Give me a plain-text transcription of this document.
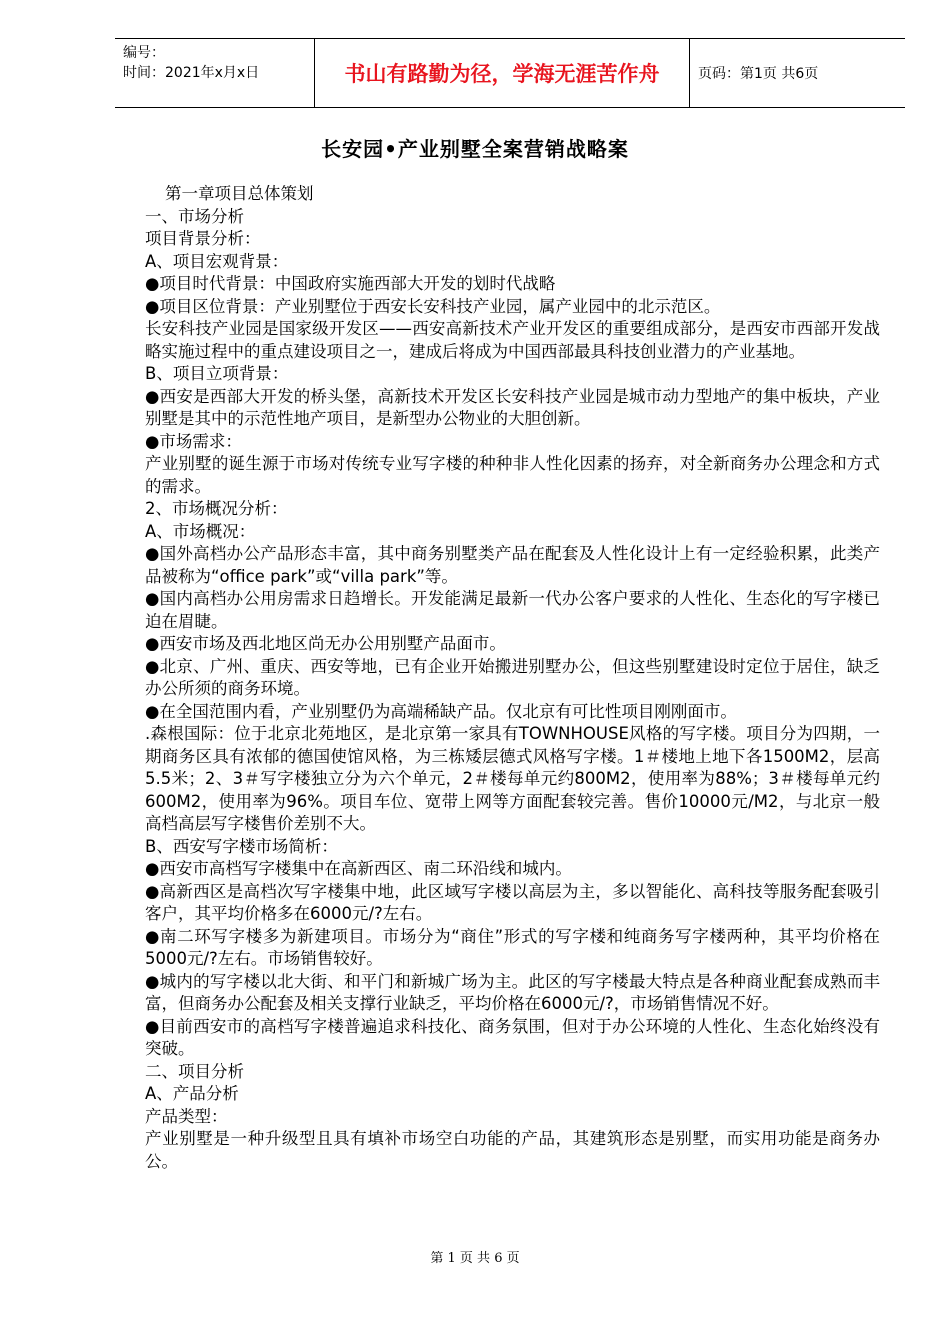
编号：
时间：2021年x月x日	书山有路勤为径，学海无涯苦作舟	页码：第1页 共6页
长安园•产业别墅全案营销战略案

第一章项目总体策划

一、市场分析

项目背景分析：

A、项目宏观背景：

●项目时代背景：中国政府实施西部大开发的划时代战略

●项目区位背景：产业别墅位于西安长安科技产业园，属产业园中的北示范区。

长安科技产业园是国家级开发区——西安高新技术产业开发区的重要组成部分，是西安市西部开发战略实施过程中的重点建设项目之一，建成后将成为中国西部最具科技创业潜力的产业基地。

B、项目立项背景：

●西安是西部大开发的桥头堡，高新技术开发区长安科技产业园是城市动力型地产的集中板块，产业别墅是其中的示范性地产项目，是新型办公物业的大胆创新。

●市场需求：

产业别墅的诞生源于市场对传统专业写字楼的种种非人性化因素的扬弃，对全新商务办公理念和方式的需求。

2、市场概况分析：

A、市场概况：

●国外高档办公产品形态丰富，其中商务别墅类产品在配套及人性化设计上有一定经验积累，此类产品被称为“office park”或“villa park”等。

●国内高档办公用房需求日趋增长。开发能满足最新一代办公客户要求的人性化、生态化的写字楼已迫在眉睫。

●西安市场及西北地区尚无办公用别墅产品面市。

●北京、广州、重庆、西安等地，已有企业开始搬进别墅办公，但这些别墅建设时定位于居住，缺乏办公所须的商务环境。

●在全国范围内看，产业别墅仍为高端稀缺产品。仅北京有可比性项目刚刚面市。

.森根国际：位于北京北苑地区，是北京第一家具有TOWNHOUSE风格的写字楼。项目分为四期，一期商务区具有浓郁的德国使馆风格，为三栋矮层德式风格写字楼。1＃楼地上地下各1500M2，层高5.5米；2、3＃写字楼独立分为六个单元，2＃楼每单元约800M2，使用率为88%；3＃楼每单元约600M2，使用率为96%。项目车位、宽带上网等方面配套较完善。售价10000元/M2，与北京一般高档高层写字楼售价差别不大。

B、西安写字楼市场简析：

●西安市高档写字楼集中在高新西区、南二环沿线和城内。

●高新西区是高档次写字楼集中地，此区域写字楼以高层为主，多以智能化、高科技等服务配套吸引客户，其平均价格多在6000元/?左右。

●南二环写字楼多为新建项目。市场分为“商住”形式的写字楼和纯商务写字楼两种，其平均价格在5000元/?左右。市场销售较好。

●城内的写字楼以北大街、和平门和新城广场为主。此区的写字楼最大特点是各种商业配套成熟而丰富，但商务办公配套及相关支撑行业缺乏，平均价格在6000元/?，市场销售情况不好。

●目前西安市的高档写字楼普遍追求科技化、商务氛围，但对于办公环境的人性化、生态化始终没有突破。

二、项目分析

A、产品分析

产品类型：

产业别墅是一种升级型且具有填补市场空白功能的产品，其建筑形态是别墅，而实用功能是商务办公。

第 1 页 共 6 页
